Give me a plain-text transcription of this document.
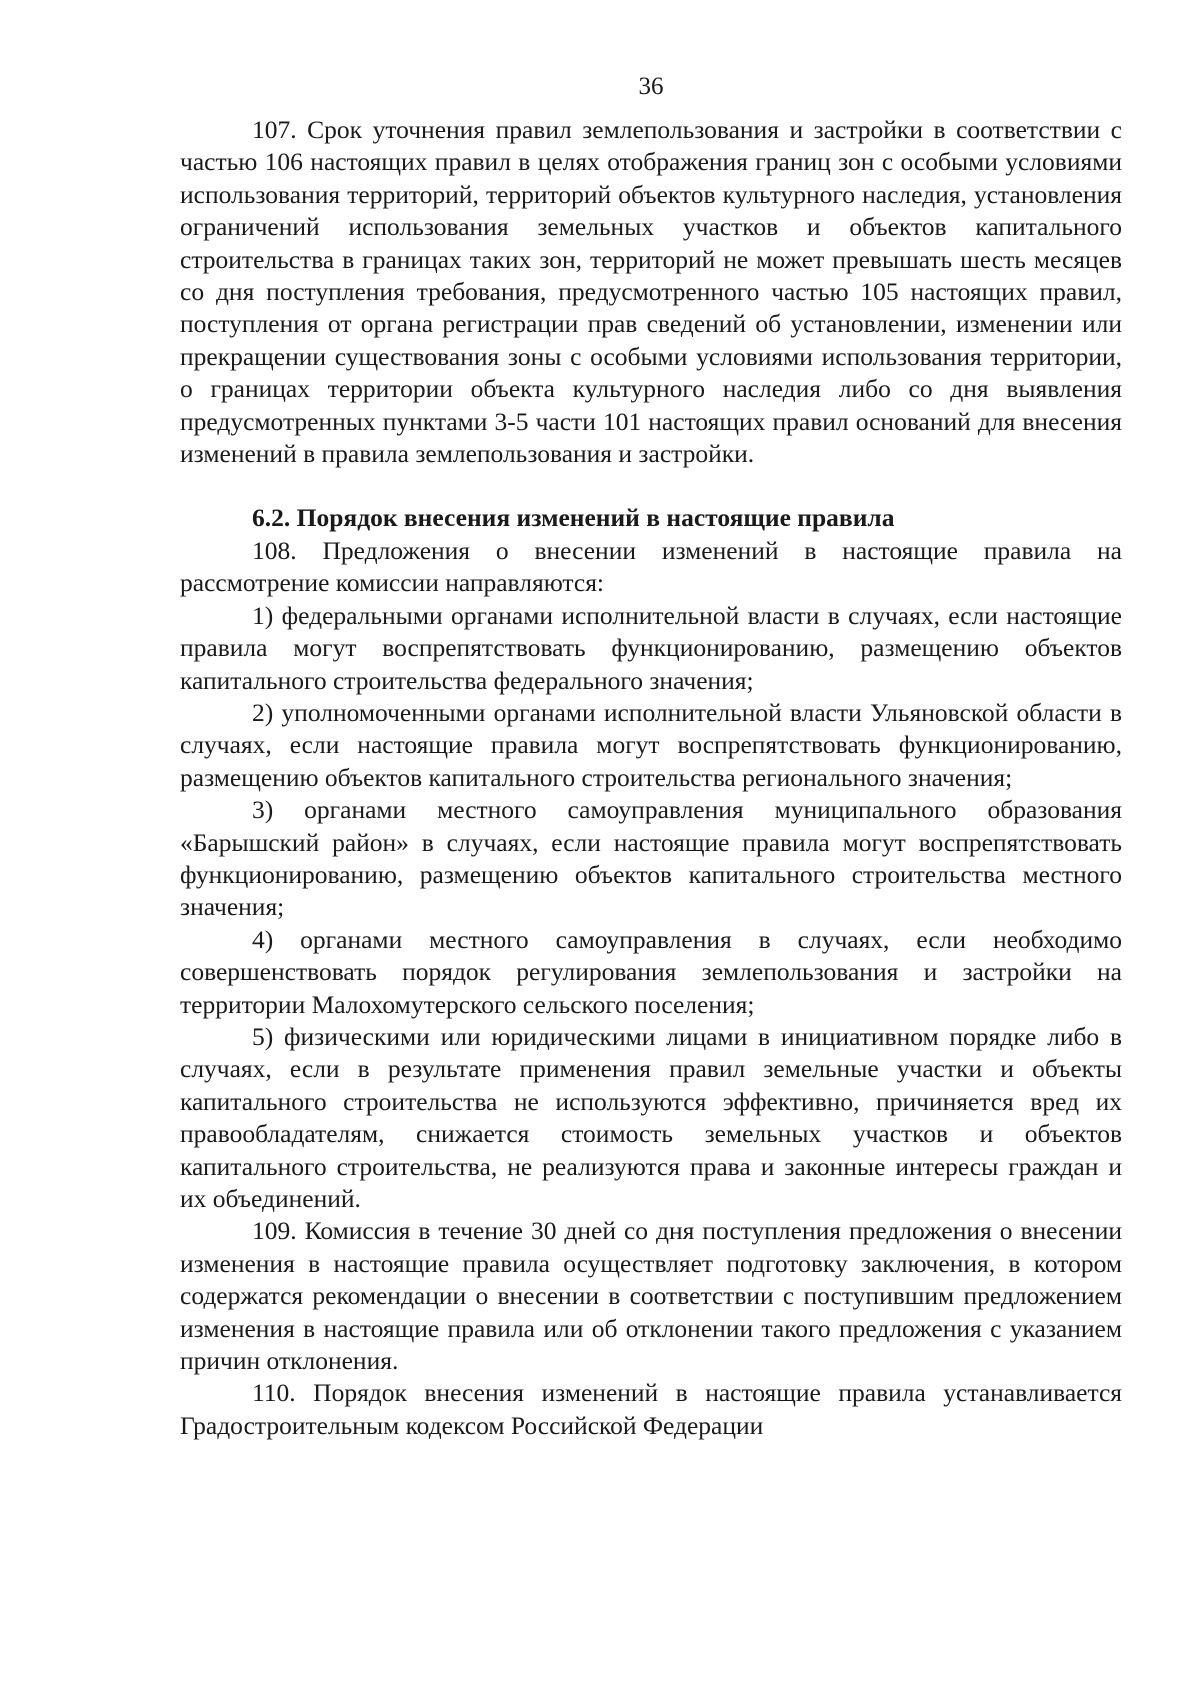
36

107. Срок уточнения правил землепользования и застройки в соответствии с частью 106 настоящих правил в целях отображения границ зон с особыми условиями использования территорий, территорий объектов культурного наследия, установления ограничений использования земельных участков и объектов капитального строительства в границах таких зон, территорий не может превышать шесть месяцев со дня поступления требования, предусмотренного частью 105 настоящих правил, поступления от органа регистрации прав сведений об установлении, изменении или прекращении существования зоны с особыми условиями использования территории, о границах территории объекта культурного наследия либо со дня выявления предусмотренных пунктами 3-5 части 101 настоящих правил оснований для внесения изменений в правила землепользования и застройки.

6.2. Порядок внесения изменений в настоящие правила

108. Предложения о внесении изменений в настоящие правила на рассмотрение комиссии направляются:

1) федеральными органами исполнительной власти в случаях, если настоящие правила могут воспрепятствовать функционированию, размещению объектов капитального строительства федерального значения;

2) уполномоченными органами исполнительной власти Ульяновской области в случаях, если настоящие правила могут воспрепятствовать функционированию, размещению объектов капитального строительства регионального значения;

3) органами местного самоуправления муниципального образования «Барышский район» в случаях, если настоящие правила могут воспрепятствовать функционированию, размещению объектов капитального строительства местного значения;

4) органами местного самоуправления в случаях, если необходимо совершенствовать порядок регулирования землепользования и застройки на территории Малохомутерского сельского поселения;

5) физическими или юридическими лицами в инициативном порядке либо в случаях, если в результате применения правил земельные участки и объекты капитального строительства не используются эффективно, причиняется вред их правообладателям, снижается стоимость земельных участков и объектов капитального строительства, не реализуются права и законные интересы граждан и их объединений.

109. Комиссия в течение 30 дней со дня поступления предложения о внесении изменения в настоящие правила осуществляет подготовку заключения, в котором содержатся рекомендации о внесении в соответствии с поступившим предложением изменения в настоящие правила или об отклонении такого предложения с указанием причин отклонения.

110. Порядок внесения изменений в настоящие правила устанавливается Градостроительным кодексом Российской Федерации
